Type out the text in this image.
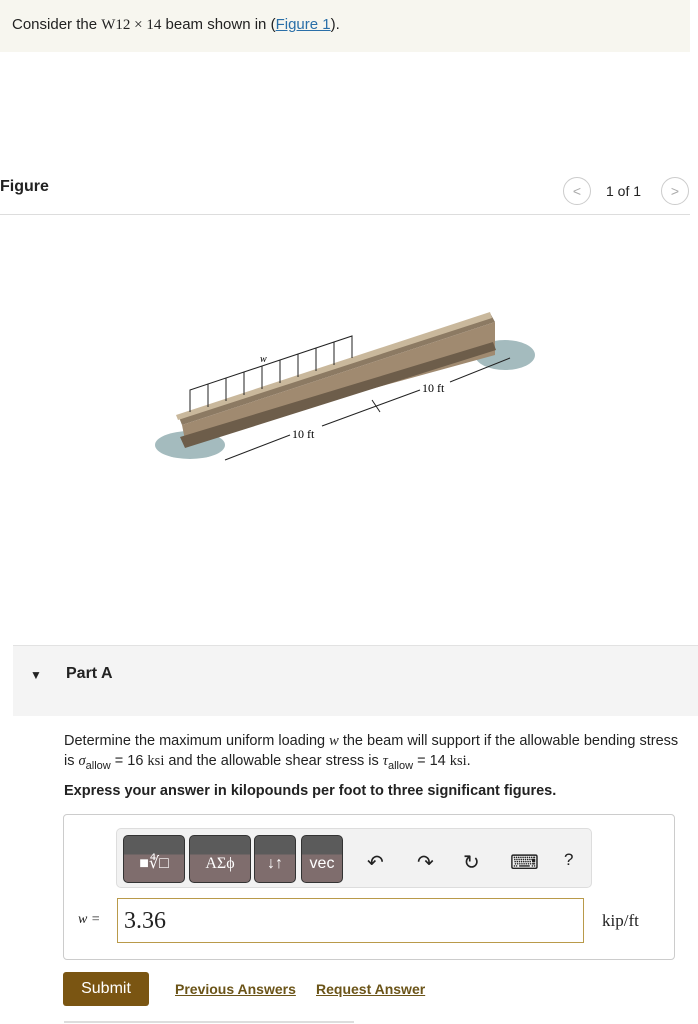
Consider the W12 × 14 beam shown in (Figure 1).
Figure	<	1 of 1	>
w
10 ft
10 ft
▼ Part A
Determine the maximum uniform loading w the beam will support if the allowable bending stress is $\sigma_{allow} = 16$ ksi and the allowable shear stress is $\tau_{allow} = 14$ ksi.
Express your answer in kilopounds per foot to three significant figures.
■∜□	ΑΣϕ	↓↑	vec	↶ ↷ ↻ ⌨ ?
w = 3.36	kip/ft
Submit	Previous Answers Request Answer
